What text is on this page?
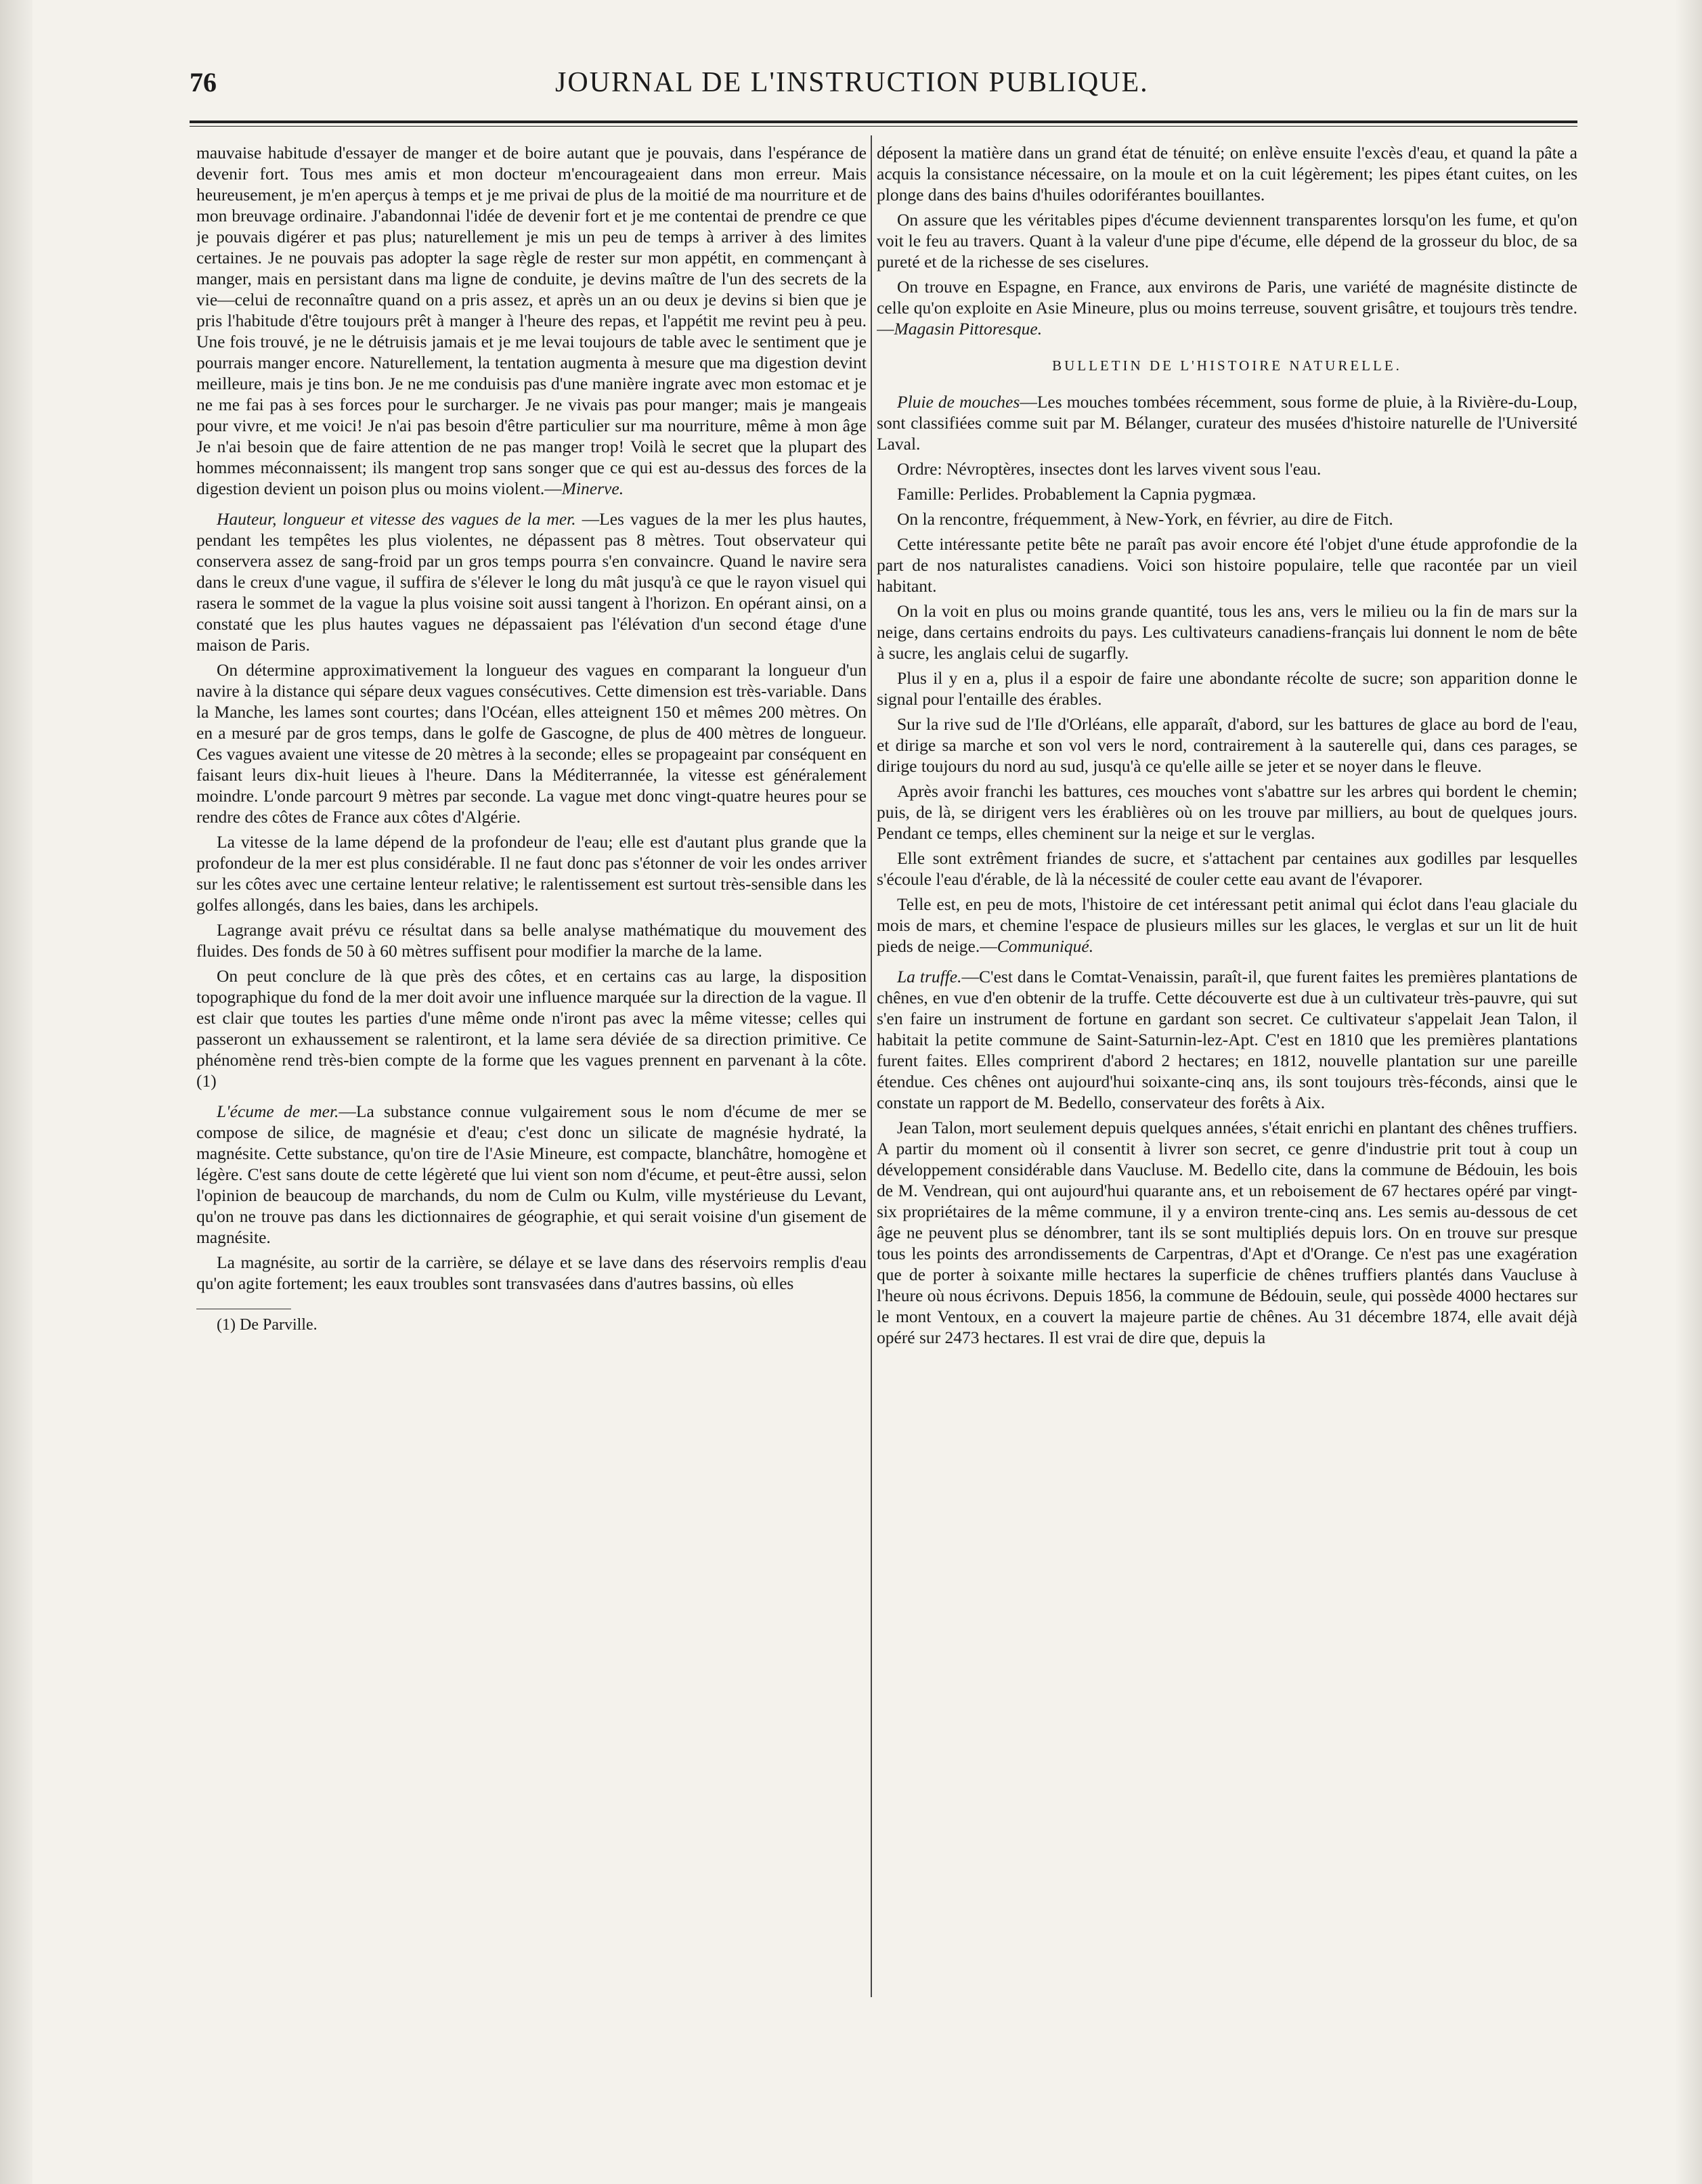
76	JOURNAL DE L'INSTRUCTION PUBLIQUE.

mauvaise habitude d'essayer de manger et de boire autant que je pouvais, dans l'espérance de devenir fort. Tous mes amis et mon docteur m'encourageaient dans mon erreur. Mais heureusement, je m'en aperçus à temps et je me privai de plus de la moitié de ma nourriture et de mon breuvage ordinaire. J'abandonnai l'idée de devenir fort et je me contentai de prendre ce que je pouvais digérer et pas plus; naturellement je mis un peu de temps à arriver à des limites certaines. Je ne pouvais pas adopter la sage règle de rester sur mon appétit, en commençant à manger, mais en persistant dans ma ligne de conduite, je devins maître de l'un des secrets de la vie—celui de reconnaître quand on a pris assez, et après un an ou deux je devins si bien que je pris l'habitude d'être toujours prêt à manger à l'heure des repas, et l'appétit me revint peu à peu. Une fois trouvé, je ne le détruisis jamais et je me levai toujours de table avec le sentiment que je pourrais manger encore. Naturellement, la tentation augmenta à mesure que ma digestion devint meilleure, mais je tins bon. Je ne me conduisis pas d'une manière ingrate avec mon estomac et je ne me fai pas à ses forces pour le surcharger. Je ne vivais pas pour manger; mais je mangeais pour vivre, et me voici! Je n'ai pas besoin d'être particulier sur ma nourriture, même à mon âge Je n'ai besoin que de faire attention de ne pas manger trop! Voilà le secret que la plupart des hommes méconnaissent; ils mangent trop sans songer que ce qui est au-dessus des forces de la digestion devient un poison plus ou moins violent.—Minerve.

Hauteur, longueur et vitesse des vagues de la mer. —Les vagues de la mer les plus hautes, pendant les tempêtes les plus violentes, ne dépassent pas 8 mètres. Tout observateur qui conservera assez de sang-froid par un gros temps pourra s'en convaincre. Quand le navire sera dans le creux d'une vague, il suffira de s'élever le long du mât jusqu'à ce que le rayon visuel qui rasera le sommet de la vague la plus voisine soit aussi tangent à l'horizon. En opérant ainsi, on a constaté que les plus hautes vagues ne dépassaient pas l'élévation d'un second étage d'une maison de Paris.

On détermine approximativement la longueur des vagues en comparant la longueur d'un navire à la distance qui sépare deux vagues consécutives. Cette dimension est très-variable. Dans la Manche, les lames sont courtes; dans l'Océan, elles atteignent 150 et mêmes 200 mètres. On en a mesuré par de gros temps, dans le golfe de Gascogne, de plus de 400 mètres de longueur. Ces vagues avaient une vitesse de 20 mètres à la seconde; elles se propageaint par conséquent en faisant leurs dix-huit lieues à l'heure. Dans la Méditerrannée, la vitesse est généralement moindre. L'onde parcourt 9 mètres par seconde. La vague met donc vingt-quatre heures pour se rendre des côtes de France aux côtes d'Algérie.

La vitesse de la lame dépend de la profondeur de l'eau; elle est d'autant plus grande que la profondeur de la mer est plus considérable. Il ne faut donc pas s'étonner de voir les ondes arriver sur les côtes avec une certaine lenteur relative; le ralentissement est surtout très-sensible dans les golfes allongés, dans les baies, dans les archipels.

Lagrange avait prévu ce résultat dans sa belle analyse mathématique du mouvement des fluides. Des fonds de 50 à 60 mètres suffisent pour modifier la marche de la lame.

On peut conclure de là que près des côtes, et en certains cas au large, la disposition topographique du fond de la mer doit avoir une influence marquée sur la direction de la vague. Il est clair que toutes les parties d'une même onde n'iront pas avec la même vitesse; celles qui passeront un exhaussement se ralentiront, et la lame sera déviée de sa direction primitive. Ce phénomène rend très-bien compte de la forme que les vagues prennent en parvenant à la côte. (1)

L'écume de mer.—La substance connue vulgairement sous le nom d'écume de mer se compose de silice, de magnésie et d'eau; c'est donc un silicate de magnésie hydraté, la magnésite. Cette substance, qu'on tire de l'Asie Mineure, est compacte, blanchâtre, homogène et légère. C'est sans doute de cette légèreté que lui vient son nom d'écume, et peut-être aussi, selon l'opinion de beaucoup de marchands, du nom de Culm ou Kulm, ville mystérieuse du Levant, qu'on ne trouve pas dans les dictionnaires de géographie, et qui serait voisine d'un gisement de magnésite.

La magnésite, au sortir de la carrière, se délaye et se lave dans des réservoirs remplis d'eau qu'on agite fortement; les eaux troubles sont transvasées dans d'autres bassins, où elles

(1) De Parville.

déposent la matière dans un grand état de ténuité; on enlève ensuite l'excès d'eau, et quand la pâte a acquis la consistance nécessaire, on la moule et on la cuit légèrement; les pipes étant cuites, on les plonge dans des bains d'huiles odoriférantes bouillantes.

On assure que les véritables pipes d'écume deviennent transparentes lorsqu'on les fume, et qu'on voit le feu au travers. Quant à la valeur d'une pipe d'écume, elle dépend de la grosseur du bloc, de sa pureté et de la richesse de ses ciselures.

On trouve en Espagne, en France, aux environs de Paris, une variété de magnésite distincte de celle qu'on exploite en Asie Mineure, plus ou moins terreuse, souvent grisâtre, et toujours très tendre.—Magasin Pittoresque.

BULLETIN DE L'HISTOIRE NATURELLE.

Pluie de mouches—Les mouches tombées récemment, sous forme de pluie, à la Rivière-du-Loup, sont classifiées comme suit par M. Bélanger, curateur des musées d'histoire naturelle de l'Université Laval.

Ordre: Névroptères, insectes dont les larves vivent sous l'eau.

Famille: Perlides. Probablement la Capnia pygmæa.

On la rencontre, fréquemment, à New-York, en février, au dire de Fitch.

Cette intéressante petite bête ne paraît pas avoir encore été l'objet d'une étude approfondie de la part de nos naturalistes canadiens. Voici son histoire populaire, telle que racontée par un vieil habitant.

On la voit en plus ou moins grande quantité, tous les ans, vers le milieu ou la fin de mars sur la neige, dans certains endroits du pays. Les cultivateurs canadiens-français lui donnent le nom de bête à sucre, les anglais celui de sugarfly.

Plus il y en a, plus il a espoir de faire une abondante récolte de sucre; son apparition donne le signal pour l'entaille des érables.

Sur la rive sud de l'Ile d'Orléans, elle apparaît, d'abord, sur les battures de glace au bord de l'eau, et dirige sa marche et son vol vers le nord, contrairement à la sauterelle qui, dans ces parages, se dirige toujours du nord au sud, jusqu'à ce qu'elle aille se jeter et se noyer dans le fleuve.

Après avoir franchi les battures, ces mouches vont s'abattre sur les arbres qui bordent le chemin; puis, de là, se dirigent vers les érablières où on les trouve par milliers, au bout de quelques jours. Pendant ce temps, elles cheminent sur la neige et sur le verglas.

Elle sont extrêment friandes de sucre, et s'attachent par centaines aux godilles par lesquelles s'écoule l'eau d'érable, de là la nécessité de couler cette eau avant de l'évaporer.

Telle est, en peu de mots, l'histoire de cet intéressant petit animal qui éclot dans l'eau glaciale du mois de mars, et chemine l'espace de plusieurs milles sur les glaces, le verglas et sur un lit de huit pieds de neige.—Communiqué.

La truffe.—C'est dans le Comtat-Venaissin, paraît-il, que furent faites les premières plantations de chênes, en vue d'en obtenir de la truffe. Cette découverte est due à un cultivateur très-pauvre, qui sut s'en faire un instrument de fortune en gardant son secret. Ce cultivateur s'appelait Jean Talon, il habitait la petite commune de Saint-Saturnin-lez-Apt. C'est en 1810 que les premières plantations furent faites. Elles comprirent d'abord 2 hectares; en 1812, nouvelle plantation sur une pareille étendue. Ces chênes ont aujourd'hui soixante-cinq ans, ils sont toujours très-féconds, ainsi que le constate un rapport de M. Bedello, conservateur des forêts à Aix.

Jean Talon, mort seulement depuis quelques années, s'était enrichi en plantant des chênes truffiers. A partir du moment où il consentit à livrer son secret, ce genre d'industrie prit tout à coup un développement considérable dans Vaucluse. M. Bedello cite, dans la commune de Bédouin, les bois de M. Vendrean, qui ont aujourd'hui quarante ans, et un reboisement de 67 hectares opéré par vingt-six propriétaires de la même commune, il y a environ trente-cinq ans. Les semis au-dessous de cet âge ne peuvent plus se dénombrer, tant ils se sont multipliés depuis lors. On en trouve sur presque tous les points des arrondissements de Carpentras, d'Apt et d'Orange. Ce n'est pas une exagération que de porter à soixante mille hectares la superficie de chênes truffiers plantés dans Vaucluse à l'heure où nous écrivons. Depuis 1856, la commune de Bédouin, seule, qui possède 4000 hectares sur le mont Ventoux, en a couvert la majeure partie de chênes. Au 31 décembre 1874, elle avait déjà opéré sur 2473 hectares. Il est vrai de dire que, depuis la
